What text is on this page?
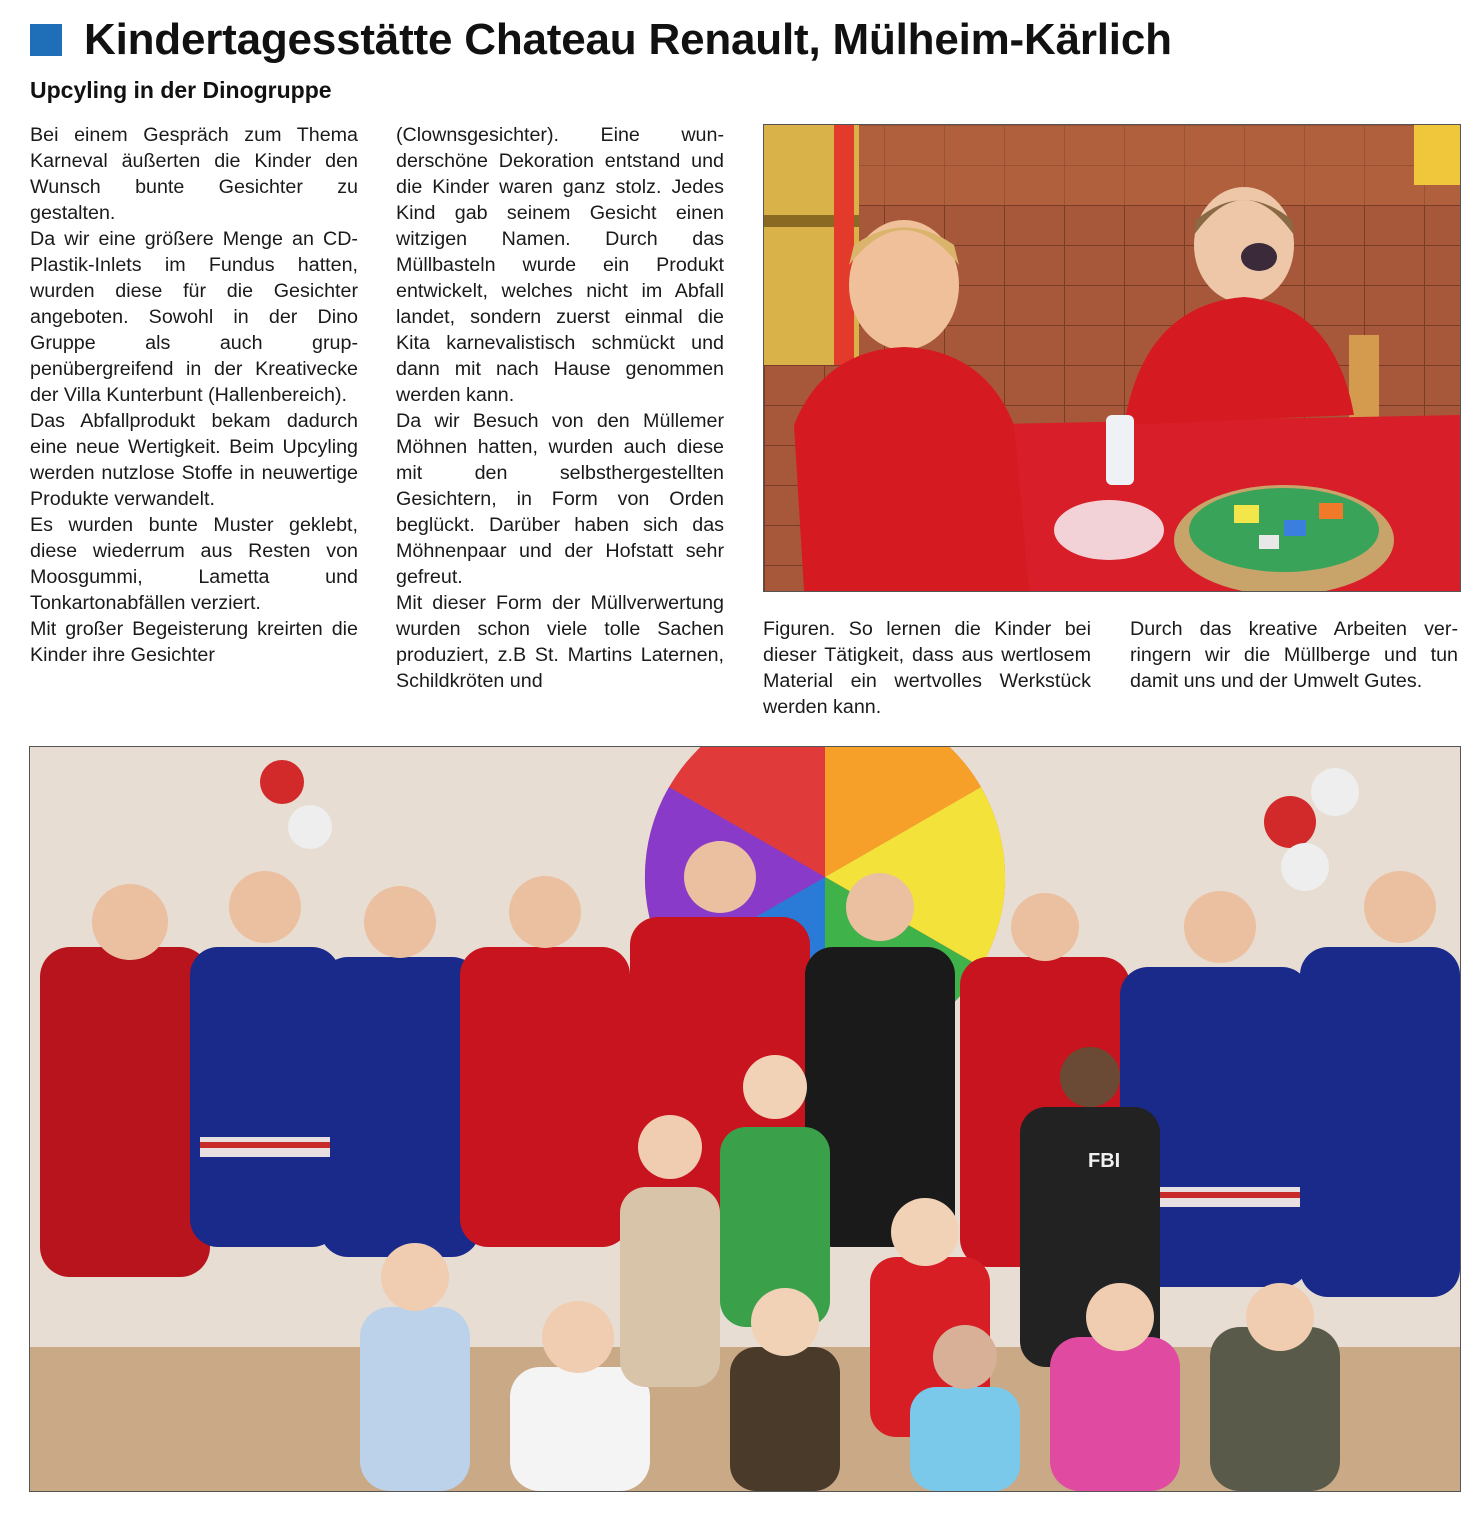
Kindertagesstätte Chateau Renault, Mülheim-Kärlich
Upcyling in der Dinogruppe

Bei einem Gespräch zum Thema Karneval äußerten die Kinder den Wunsch bunte Gesichter zu gestalten.

Da wir eine größere Menge an CD-Plastik-Inlets im Fundus hatten, wurden diese für die Gesichter angeboten. Sowohl in der Dino Gruppe als auch gruppenübergreifend in der Kreativecke der Villa Kunterbunt (Hallenbereich).

Das Abfallprodukt bekam dadurch eine neue Wertigkeit. Beim Upcyling werden nutzlose Stoffe in neuwertige Produkte verwandelt.

Es wurden bunte Muster geklebt, diese wiederrum aus Resten von Moosgummi, Lametta und Tonkartonabfällen verziert.

Mit großer Begeisterung kreirten die Kinder ihre Gesichter

(Clownsgesichter). Eine wunderschöne Dekoration entstand und die Kinder waren ganz stolz. Jedes Kind gab seinem Gesicht einen witzigen Namen. Durch das Müllbasteln wurde ein Produkt entwickelt, welches nicht im Abfall landet, sondern zuerst einmal die Kita karnevalistisch schmückt und dann mit nach Hause genommen werden kann.

Da wir Besuch von den Müllemer Möhnen hatten, wurden auch diese mit den selbsthergestellten Gesichtern, in Form von Orden beglückt. Darüber haben sich das Möhnenpaar und der Hofstatt sehr gefreut.

Mit dieser Form der Müllverwertung wurden schon viele tolle Sachen produziert, z.B St. Martins Laternen, Schildkröten und

Figuren. So lernen die Kinder bei dieser Tätigkeit, dass aus wertlosem Material ein wertvolles Werkstück werden kann.

Durch das kreative Arbeiten verringern wir die Müllberge und tun damit uns und der Umwelt Gutes.

FBI
